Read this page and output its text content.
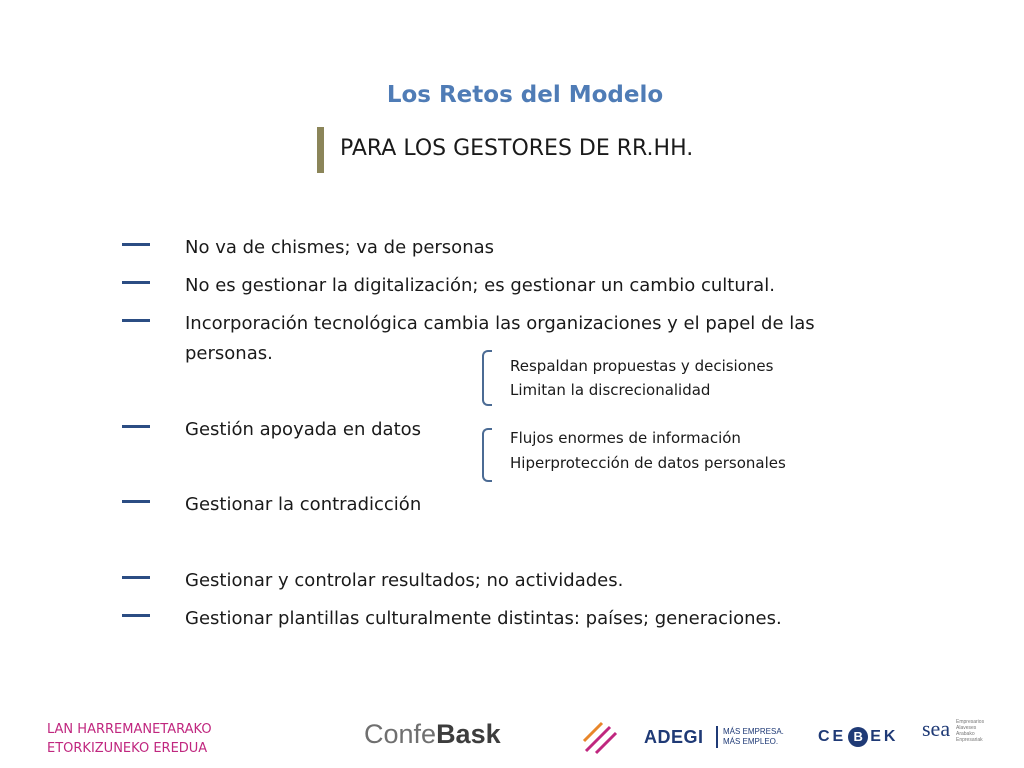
Los Retos del Modelo
PARA LOS GESTORES DE RR.HH.
No va de chismes; va de personas
No es gestionar la digitalización; es gestionar un cambio cultural.
Incorporación tecnológica cambia las organizaciones y el papel de las personas.
Respaldan propuestas y decisiones
Limitan la discrecionalidad
Gestión apoyada en datos	Flujos enormes de información
Hiperprotección de datos personales
Gestionar la contradicción
Gestionar y controlar resultados; no actividades.
Gestionar plantillas culturalmente distintas: países; generaciones.
LAN HARREMANETARAKO
ETORKIZUNEKO EREDUA	ConfeBask	ADEGI MÁS EMPRESA.
MÁS EMPLEO.	CE B EK sea Empresarios
Alaveses
Arabako
Enpresariak
